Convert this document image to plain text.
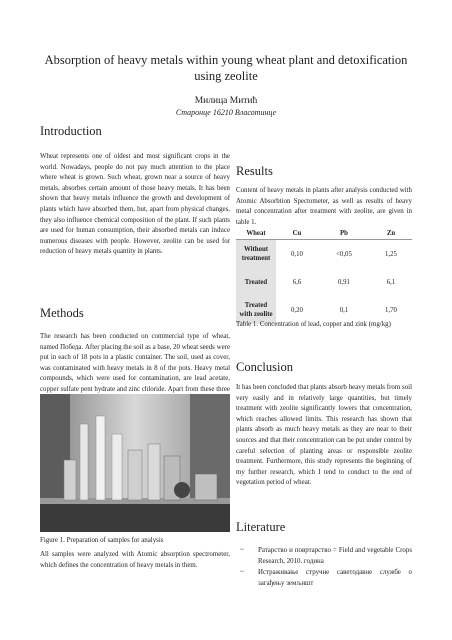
Absorption of heavy metals within young wheat plant and detoxification using zeolite
Милица Митић
Старонце 16210 Власотинце
Introduction

Wheat represents one of oldest and most significant crops in the world. Nowadays, people do not pay much attention to the place where wheat is grown. Such wheat, grown near a source of heavy metals, absorbes certain amount of those heavy metals. It has been shown that heavy metals influence the growth and development of plants which have absorbed them, but, apart from physical changes, they also influence chemical composition of the plant. If such plants are used for human consumption, their absorbed metals can induce numerous diseases with people. However, zeolite can be used for reduction of heavy metals quantity in plants.

Methods

The research has been conducted on commercial type of wheat, named Победа. After placing the soil as a base, 20 wheat seeds were put in each of 18 pots in a plastic container. The soil, used as cover, was contaminated with heavy metals in 8 of the pots. Heavy metal compounds, which were used for contamination, are lead acetate, copper sulfate pent hydrate and zinc chloride. Apart from these three

Figure 1. Preparation of samples for analysis

All samples were analyzed with Atomic absorption spectrometer, which defines the concentration of heavy metals in them.

Results

Content of heavy metals in plants after analysis conducted with Atomic Absorbtion Spectometer, as well as results of heavy metal concentration after treatment with zeolite, are given in table 1.

Wheat	Cu	Pb	Zn
Without treatment	0,10	<0,05	1,25
Treated	6,6	0,91	6,1
Treated with zeolite	0,20	0,1	1,70
Table 1. Concentration of lead, copper and zink (mg/kg)
Conclusion

It has been concluded that plants absorb heavy metals from soil very easily and in relatively large quantities, but timely treatment with zeolite significantly lowers that concentration, which reaches allowed limits. This research has shown that plants absorb as much heavy metals as they are near to their sources and that their concentration can be put under control by careful selection of planting areas or responsible zeolite treatment. Furthermore, this study represents the beginning of my further research, which I tend to conduct to the end of vegetation period of wheat.

Literature
~ Ратарство и повртарство = Field and vegetable Crops Research, 2010. година
~ Истраживање стручне саветодавне службе о загађењу земљишт
